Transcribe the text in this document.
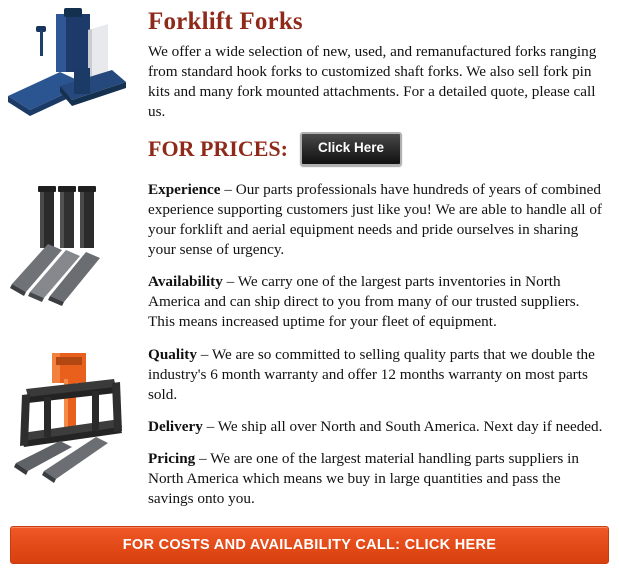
Forklift Forks

We offer a wide selection of new, used, and remanufactured forks ranging from standard hook forks to customized shaft forks. We also sell fork pin kits and many fork mounted attachments. For a detailed quote, please call us.

FOR PRICES:	Click Here

Experience – Our parts professionals have hundreds of years of combined experience supporting customers just like you! We are able to handle all of your forklift and aerial equipment needs and pride ourselves in sharing your sense of urgency.

Availability – We carry one of the largest parts inventories in North America and can ship direct to you from many of our trusted suppliers. This means increased uptime for your fleet of equipment.

Quality – We are so committed to selling quality parts that we double the industry's 6 month warranty and offer 12 months warranty on most parts sold.

Delivery – We ship all over North and South America. Next day if needed.

Pricing – We are one of the largest material handling parts suppliers in North America which means we buy in large quantities and pass the savings onto you.

FOR COSTS AND AVAILABILITY CALL: CLICK HERE
